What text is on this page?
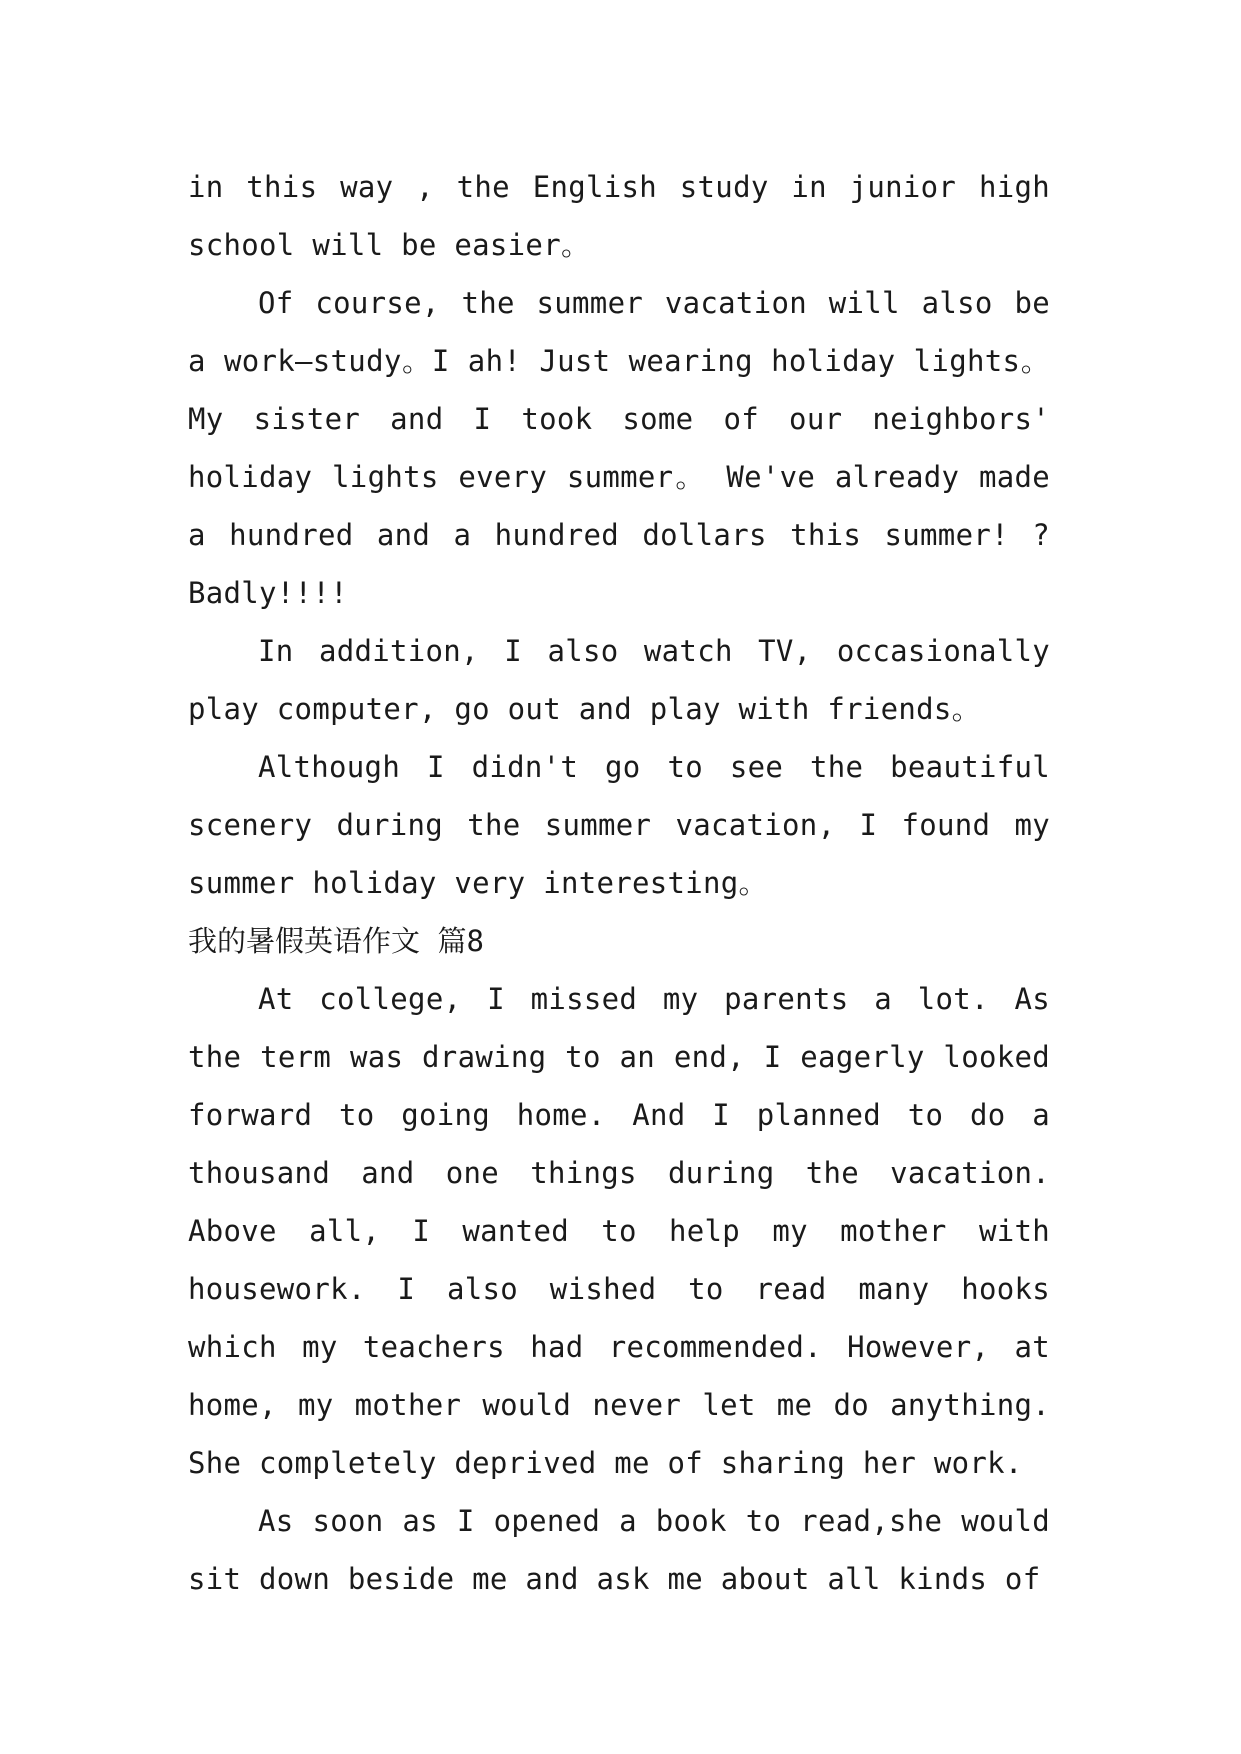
in this way , the English study in junior high school will be easier。

Of course, the summer vacation will also be a work—study。I ah! Just wearing holiday lights。My sister and I took some of our neighbors' holiday lights every summer。 We've already made a hundred and a hundred dollars this summer! ? Badly!!!!

In addition, I also watch TV, occasionally play computer, go out and play with friends。

Although I didn't go to see the beautiful scenery during the summer vacation, I found my summer holiday very interesting。

我的暑假英语作文 篇8

At college, I missed my parents a lot. As the term was drawing to an end, I eagerly looked forward to going home. And I planned to do a thousand and one things during the vacation. Above all, I wanted to help my mother with housework. I also wished to read many hooks which my teachers had recommended. However, at home, my mother would never let me do anything. She completely deprived me of sharing her work.

As soon as I opened a book to read,she would sit down beside me and ask me about all kinds of
